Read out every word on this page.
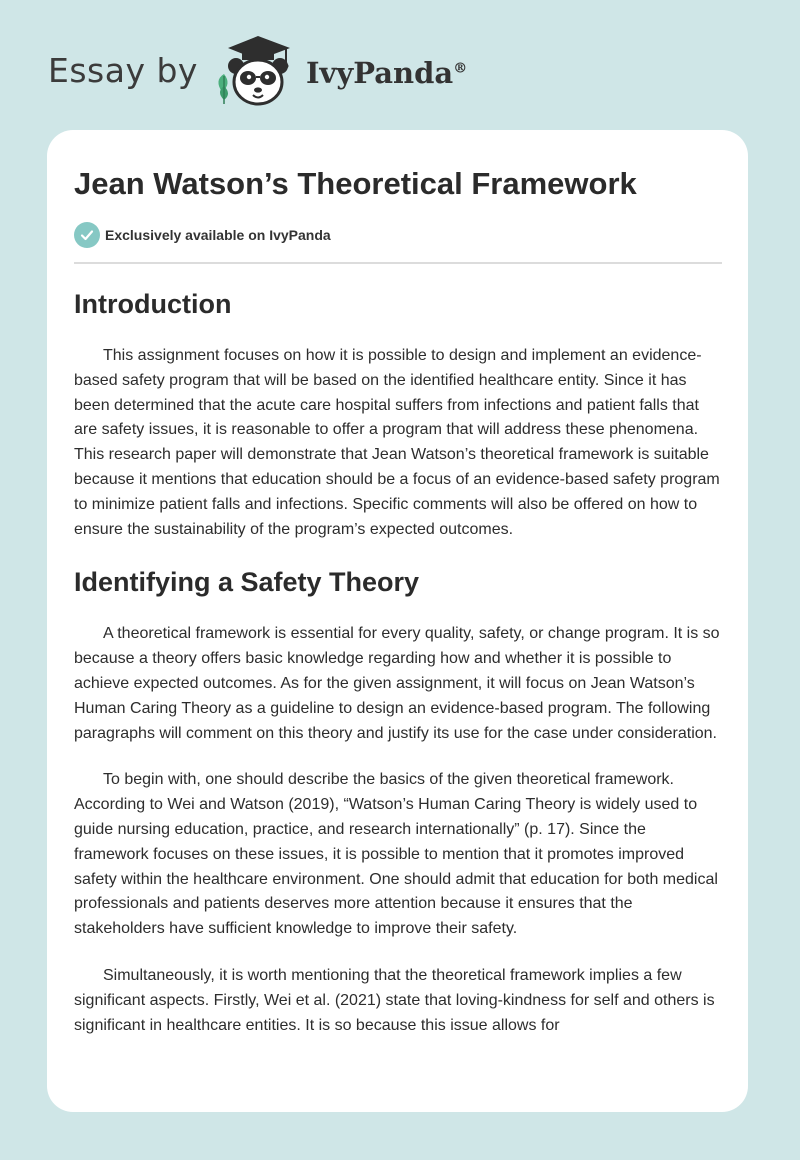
Essay by	IvyPanda®
Jean Watson’s Theoretical Framework
Exclusively available on IvyPanda
Introduction

This assignment focuses on how it is possible to design and implement an evidence-based safety program that will be based on the identified healthcare entity. Since it has been determined that the acute care hospital suffers from infections and patient falls that are safety issues, it is reasonable to offer a program that will address these phenomena. This research paper will demonstrate that Jean Watson’s theoretical framework is suitable because it mentions that education should be a focus of an evidence-based safety program to minimize patient falls and infections. Specific comments will also be offered on how to ensure the sustainability of the program’s expected outcomes.

Identifying a Safety Theory

A theoretical framework is essential for every quality, safety, or change program. It is so because a theory offers basic knowledge regarding how and whether it is possible to achieve expected outcomes. As for the given assignment, it will focus on Jean Watson’s Human Caring Theory as a guideline to design an evidence-based program. The following paragraphs will comment on this theory and justify its use for the case under consideration.

To begin with, one should describe the basics of the given theoretical framework. According to Wei and Watson (2019), “Watson’s Human Caring Theory is widely used to guide nursing education, practice, and research internationally” (p. 17). Since the framework focuses on these issues, it is possible to mention that it promotes improved safety within the healthcare environment. One should admit that education for both medical professionals and patients deserves more attention because it ensures that the stakeholders have sufficient knowledge to improve their safety.

Simultaneously, it is worth mentioning that the theoretical framework implies a few significant aspects. Firstly, Wei et al. (2021) state that loving-kindness for self and others is significant in healthcare entities. It is so because this issue allows for
